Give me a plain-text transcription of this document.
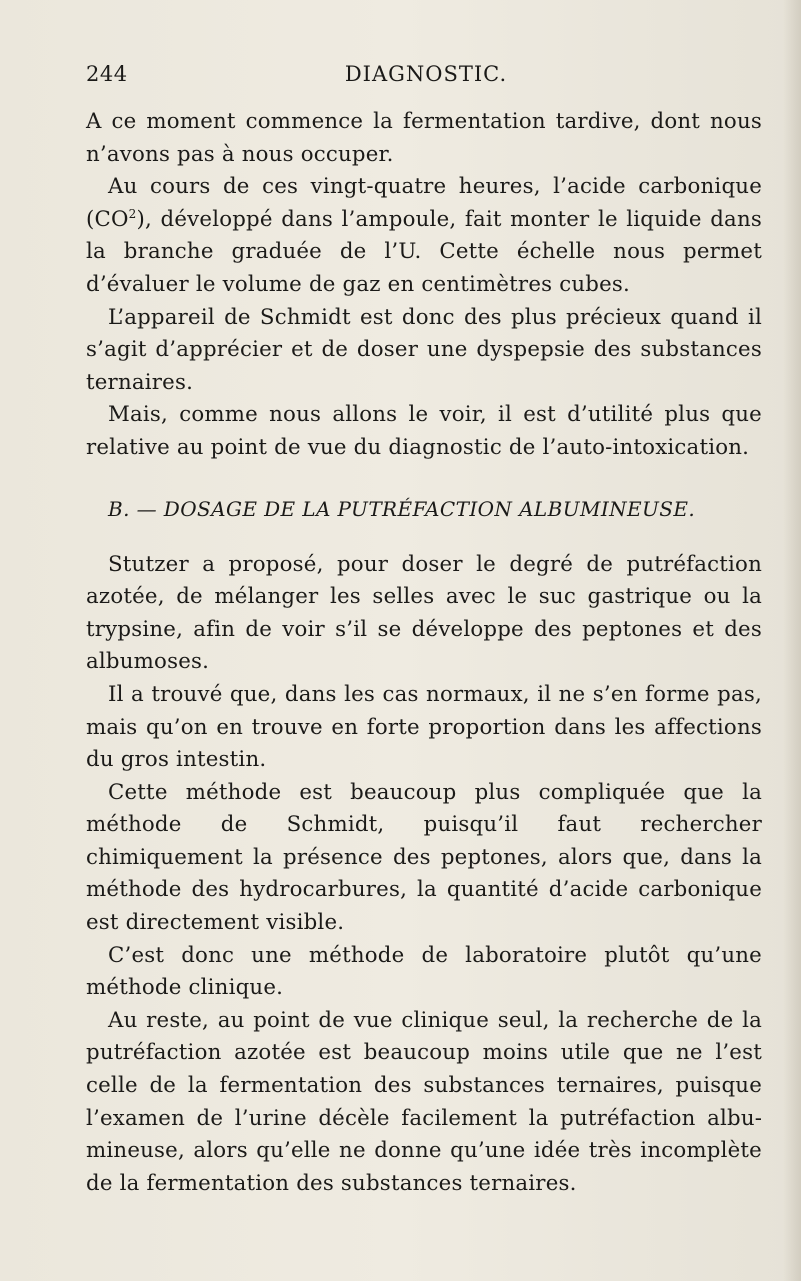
244	DIAGNOSTIC.

A ce moment commence la fermentation tardive, dont nous n’avons pas à nous occuper.

Au cours de ces vingt-quatre heures, l’acide carbonique $(CO^2)$, développé dans l’ampoule, fait monter le liquide dans la branche graduée de l’U. Cette échelle nous permet d’évaluer le volume de gaz en centimètres cubes.

L’appareil de Schmidt est donc des plus précieux quand il s’agit d’apprécier et de doser une dyspepsie des substances ternaires.

Mais, comme nous allons le voir, il est d’utilité plus que relative au point de vue du diagnostic de l’auto-intoxication.

B. — DOSAGE DE LA PUTRÉFACTION ALBUMINEUSE.

Stutzer a proposé, pour doser le degré de putréfaction azotée, de mélanger les selles avec le suc gastrique ou la trypsine, afin de voir s’il se développe des peptones et des albumoses.

Il a trouvé que, dans les cas normaux, il ne s’en forme pas, mais qu’on en trouve en forte proportion dans les affections du gros intestin.

Cette méthode est beaucoup plus compliquée que la méthode de Schmidt, puisqu’il faut rechercher chimiquement la présence des peptones, alors que, dans la méthode des hydrocarbures, la quantité d’acide carbonique est directement visible.

C’est donc une méthode de laboratoire plutôt qu’une méthode clinique.

Au reste, au point de vue clinique seul, la recherche de la putréfaction azotée est beaucoup moins utile que ne l’est celle de la fermentation des substances ternaires, puisque l’examen de l’urine décèle facilement la putréfaction albumineuse, alors qu’elle ne donne qu’une idée très incomplète de la fermentation des substances ternaires.
